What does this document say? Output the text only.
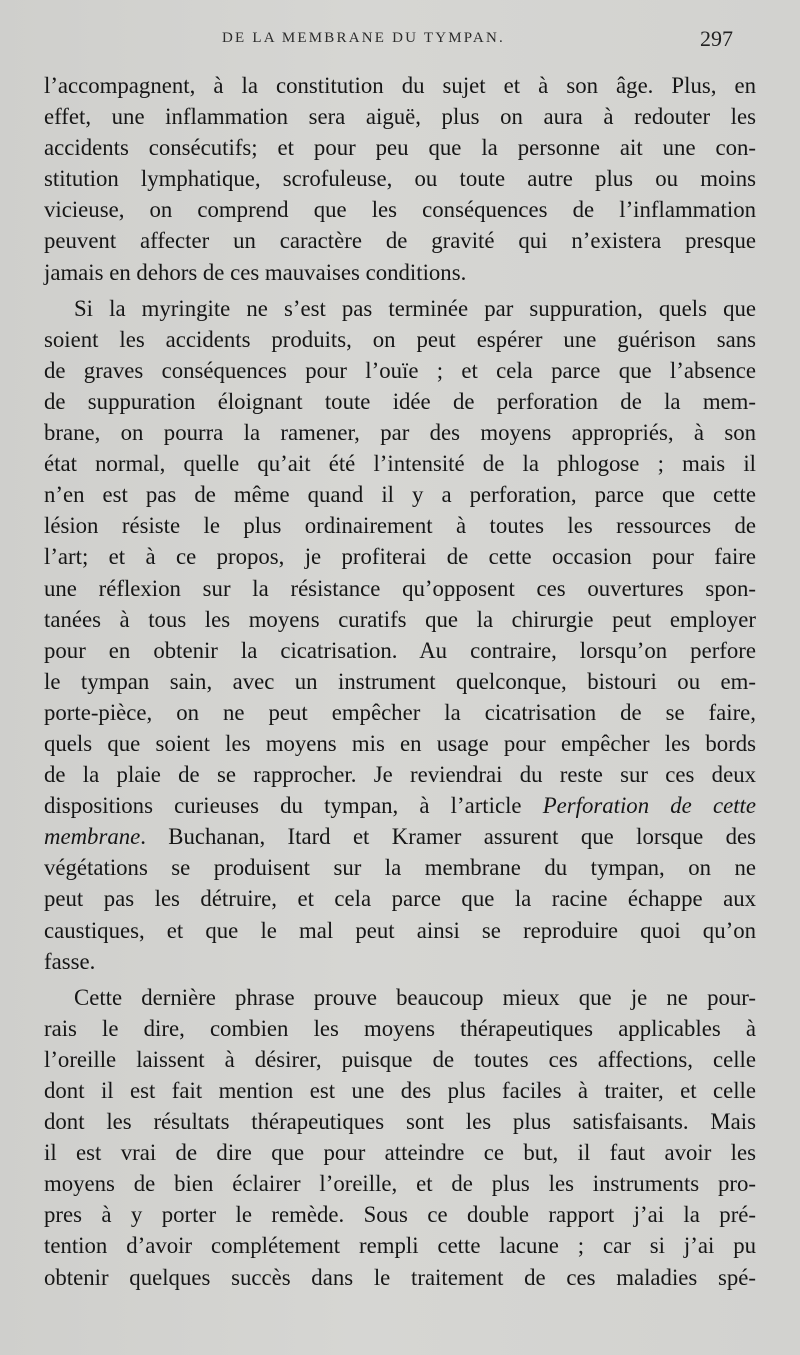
DE LA MEMBRANE DU TYMPAN.	297

l’accompagnent, à la constitution du sujet et à son âge. Plus, en
effet, une inflammation sera aiguë, plus on aura à redouter les
accidents consécutifs; et pour peu que la personne ait une con-
stitution lymphatique, scrofuleuse, ou toute autre plus ou moins
vicieuse, on comprend que les conséquences de l’inflammation
peuvent affecter un caractère de gravité qui n’existera presque
jamais en dehors de ces mauvaises conditions.

Si la myringite ne s’est pas terminée par suppuration, quels que
soient les accidents produits, on peut espérer une guérison sans
de graves conséquences pour l’ouïe ; et cela parce que l’absence
de suppuration éloignant toute idée de perforation de la mem-
brane, on pourra la ramener, par des moyens appropriés, à son
état normal, quelle qu’ait été l’intensité de la phlogose ; mais il
n’en est pas de même quand il y a perforation, parce que cette
lésion résiste le plus ordinairement à toutes les ressources de
l’art; et à ce propos, je profiterai de cette occasion pour faire
une réflexion sur la résistance qu’opposent ces ouvertures spon-
tanées à tous les moyens curatifs que la chirurgie peut employer
pour en obtenir la cicatrisation. Au contraire, lorsqu’on perfore
le tympan sain, avec un instrument quelconque, bistouri ou em-
porte-pièce, on ne peut empêcher la cicatrisation de se faire,
quels que soient les moyens mis en usage pour empêcher les bords
de la plaie de se rapprocher. Je reviendrai du reste sur ces deux
dispositions curieuses du tympan, à l’article Perforation de cette
membrane. Buchanan, Itard et Kramer assurent que lorsque des
végétations se produisent sur la membrane du tympan, on ne
peut pas les détruire, et cela parce que la racine échappe aux
caustiques, et que le mal peut ainsi se reproduire quoi qu’on
fasse.

Cette dernière phrase prouve beaucoup mieux que je ne pour-
rais le dire, combien les moyens thérapeutiques applicables à
l’oreille laissent à désirer, puisque de toutes ces affections, celle
dont il est fait mention est une des plus faciles à traiter, et celle
dont les résultats thérapeutiques sont les plus satisfaisants. Mais
il est vrai de dire que pour atteindre ce but, il faut avoir les
moyens de bien éclairer l’oreille, et de plus les instruments pro-
pres à y porter le remède. Sous ce double rapport j’ai la pré-
tention d’avoir complétement rempli cette lacune ; car si j’ai pu
obtenir quelques succès dans le traitement de ces maladies spé-
